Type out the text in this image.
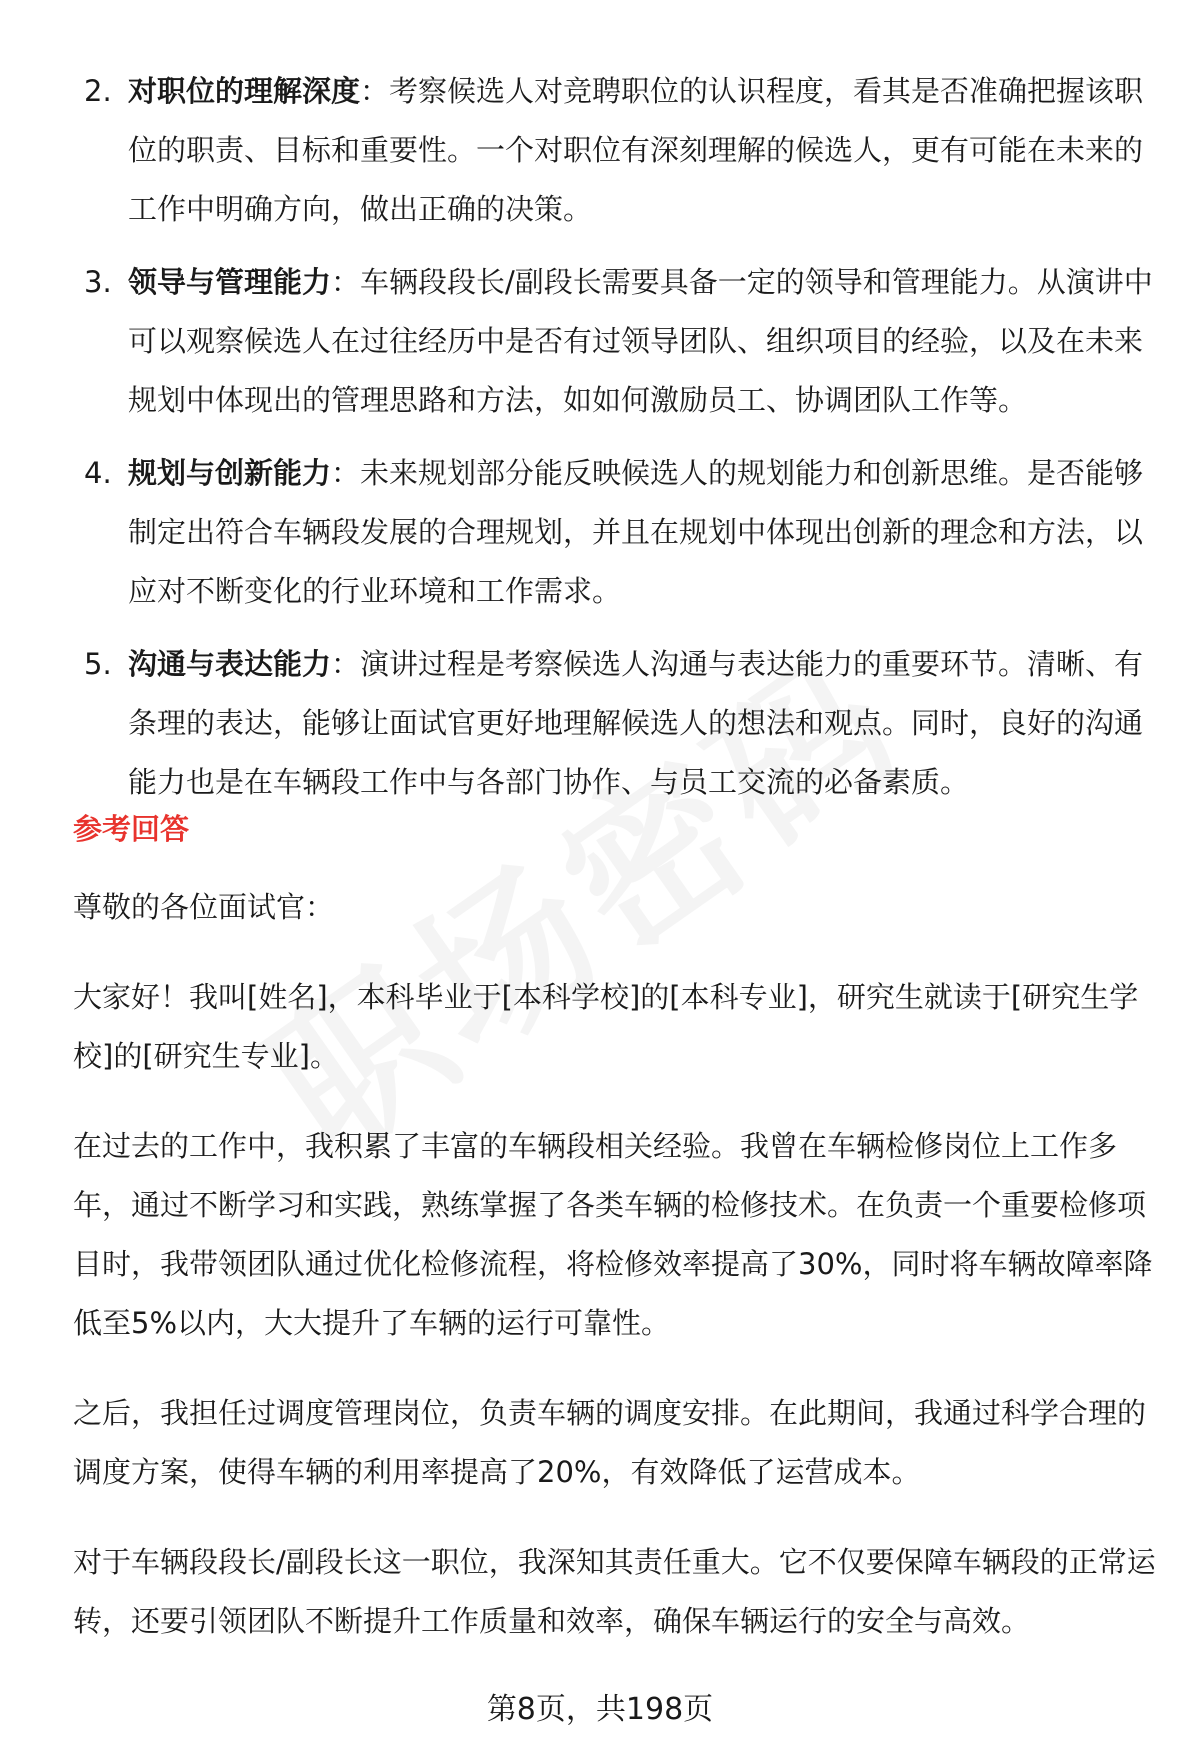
2. 对职位的理解深度：考察候选人对竞聘职位的认识程度，看其是否准确把握该职位的职责、目标和重要性。一个对职位有深刻理解的候选人，更有可能在未来的工作中明确方向，做出正确的决策。
3. 领导与管理能力：车辆段段长/副段长需要具备一定的领导和管理能力。从演讲中可以观察候选人在过往经历中是否有过领导团队、组织项目的经验，以及在未来规划中体现出的管理思路和方法，如如何激励员工、协调团队工作等。
4. 规划与创新能力：未来规划部分能反映候选人的规划能力和创新思维。是否能够制定出符合车辆段发展的合理规划，并且在规划中体现出创新的理念和方法，以应对不断变化的行业环境和工作需求。
5. 沟通与表达能力：演讲过程是考察候选人沟通与表达能力的重要环节。清晰、有条理的表达，能够让面试官更好地理解候选人的想法和观点。同时，良好的沟通能力也是在车辆段工作中与各部门协作、与员工交流的必备素质。
参考回答

尊敬的各位面试官：

大家好！我叫[姓名]，本科毕业于[本科学校]的[本科专业]，研究生就读于[研究生学校]的[研究生专业]。

在过去的工作中，我积累了丰富的车辆段相关经验。我曾在车辆检修岗位上工作多年，通过不断学习和实践，熟练掌握了各类车辆的检修技术。在负责一个重要检修项目时，我带领团队通过优化检修流程，将检修效率提高了30%，同时将车辆故障率降低至5%以内，大大提升了车辆的运行可靠性。

之后，我担任过调度管理岗位，负责车辆的调度安排。在此期间，我通过科学合理的调度方案，使得车辆的利用率提高了20%，有效降低了运营成本。

对于车辆段段长/副段长这一职位，我深知其责任重大。它不仅要保障车辆段的正常运转，还要引领团队不断提升工作质量和效率，确保车辆运行的安全与高效。

第8页，共198页
